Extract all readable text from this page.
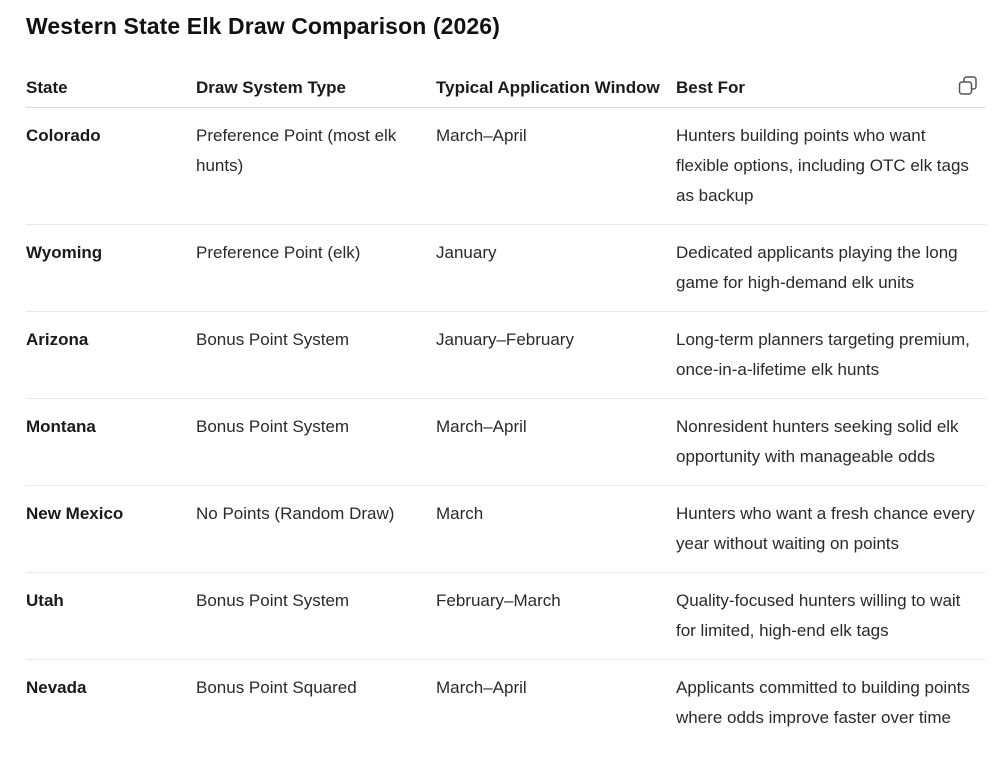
Western State Elk Draw Comparison (2026)
State	Draw System Type	Typical Application Window	Best For
Colorado	Preference Point (most elk hunts)	March–April	Hunters building points who want flexible options, including OTC elk tags as backup
Wyoming	Preference Point (elk)	January	Dedicated applicants playing the long game for high-demand elk units
Arizona	Bonus Point System	January–February	Long-term planners targeting premium, once-in-a-lifetime elk hunts
Montana	Bonus Point System	March–April	Nonresident hunters seeking solid elk opportunity with manageable odds
New Mexico	No Points (Random Draw)	March	Hunters who want a fresh chance every year without waiting on points
Utah	Bonus Point System	February–March	Quality-focused hunters willing to wait for limited, high-end elk tags
Nevada	Bonus Point Squared	March–April	Applicants committed to building points where odds improve faster over time
